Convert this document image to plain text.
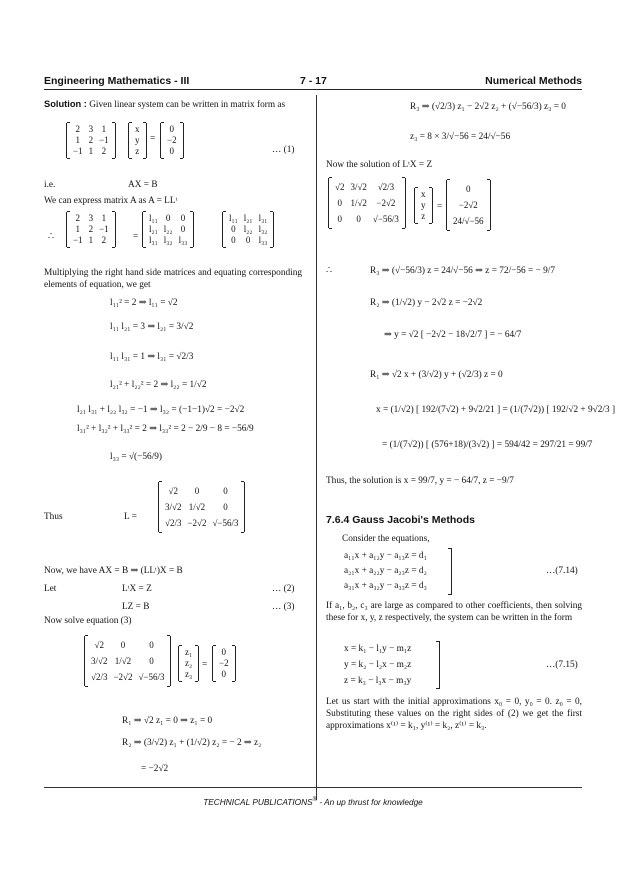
Engineering Mathematics - III	7 - 17	Numerical Methods
Solution : Given linear system can be written in matrix form as
2	3	1
1	2	−1
−1	1	2
x
y
z
=
0
−2
0	… (1)
i.e.	AX = B
We can express matrix A as A = LLᵗ
∴
2	3	1
1	2	−1
−1	1	2	=
l₁₁	0	0
l₂₁	l₂₂	0
l₃₁	l₃₂	l₃₃
l₁₁	l₂₁	l₃₁
0	l₂₂	l₃₂
0	0	l₃₃
Multiplying the right hand side matrices and equating corresponding elements of equation, we get
l₁₁² = 2 ⇒ l₁₁ = √2
l₁₁ l₂₁ = 3 ⇒ l₂₁ = 3/√2
l₁₁ l₃₁ = 1 ⇒ l₃₁ = √2/3
l₂₁² + l₂₂² = 2 ⇒ l₂₂ = 1/√2
l₂₁ l₃₁ + l₂₂ l₃₂ = −1 ⇒ l₃₂ = (−1−1)√2 = −2√2
l₃₁² + l₃₂² + l₃₃² = 2 ⇒ l₃₃² = 2 − 2/9 − 8 = −56/9
l₃₃ = √(−56/9)
Thus	L =
√2	0	0
3/√2	1/√2	0
√2/3	−2√2	√−56/3
Now, we have AX = B ⇒ (LLᵗ)X = B
Let	LᵗX = Z	… (2)
LZ = B	… (3)
Now solve equation (3)
√2	0	0
3/√2	1/√2	0
√2/3	−2√2	√−56/3
z₁
z₂
z₃
=
0
−2
0
R₁ ⇒ √2 z₁ = 0 ⇒ z₁ = 0
R₂ ⇒ (3/√2) z₁ + (1/√2) z₂ = − 2 ⇒ z₂
= −2√2
R₃ ⇒ (√2/3) z₁ − 2√2 z₂ + (√−56/3) z₃ = 0
z₃ = 8 × 3/√−56 = 24/√−56
Now the solution of LᵗX = Z
√2	3/√2	√2/3
0	1/√2	−2√2
0	0	√−56/3
x
y
z
=
0
−2√2
24/√−56
∴	R₃ ⇒ (√−56/3) z = 24/√−56 ⇒ z = 72/−56 = − 9/7
R₂ ⇒ (1/√2) y − 2√2 z = −2√2
⇒ y = √2 [ −2√2 − 18√2/7 ] = − 64/7
R₁ ⇒ √2 x + (3/√2) y + (√2/3) z = 0
x = (1/√2) [ 192/(7√2) + 9√2/21 ] = (1/(7√2)) [ 192/√2 + 9√2/3 ]
= (1/(7√2)) [ (576+18)/(3√2) ] = 594/42 = 297/21 = 99/7
Thus, the solution is x = 99/7, y = − 64/7, z = −9/7
7.6.4 Gauss Jacobi's Methods
Consider the equations,
a₁₁x + a₁₂y − a₁₃z = d₁
a₂₁x + a₂₂y − a₂₃z = d₂
a₃₁x + a₃₂y − a₃₃z = d₃
…(7.14)
If a₁, b₂, c₃ are large as compared to other coefficients, then solving these for x, y, z respectively, the system can be written in the form
x = k₁ − l₁y − m₁z
y = k₂ − l₂x − m₂z
z = k₃ − l₃x − m₃y
…(7.15)
Let us start with the initial approximations x₀ = 0, y₀ = 0. z₀ = 0, Substituting these values on the right sides of (2) we get the first approximations x⁽¹⁾ = k₁, y⁽¹⁾ = k₂, z⁽¹⁾ = k₃.
TECHNICAL PUBLICATIONS® - An up thrust for knowledge
